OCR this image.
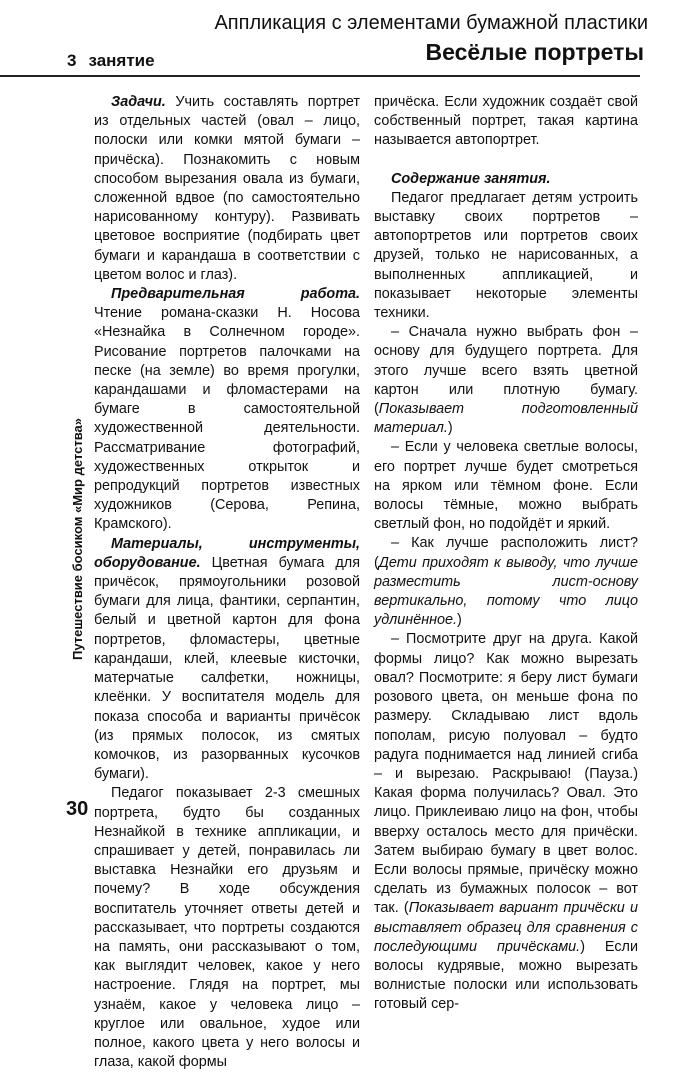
Аппликация с элементами бумажной пластики
Весёлые портреты
3 занятие
Путешествие босиком «Мир детства»
30

Задачи. Учить составлять портрет из отдельных частей (овал – лицо, полоски или комки мятой бумаги – причёска). Познакомить с новым способом вырезания овала из бумаги, сложенной вдвое (по самостоятельно нарисованному контуру). Развивать цветовое восприятие (подбирать цвет бумаги и карандаша в соответствии с цветом волос и глаз).

Предварительная работа. Чтение романа-сказки Н. Носова «Незнайка в Солнечном городе». Рисование портретов палочками на песке (на земле) во время прогулки, карандашами и фломастерами на бумаге в самостоятельной художественной деятельности. Рассматривание фотографий, художественных открыток и репродукций портретов известных художников (Серова, Репина, Крамского).

Материалы, инструменты, оборудование. Цветная бумага для причёсок, прямоугольники розовой бумаги для лица, фантики, серпантин, белый и цветной картон для фона портретов, фломастеры, цветные карандаши, клей, клеевые кисточки, матерчатые салфетки, ножницы, клеёнки. У воспитателя модель для показа способа и варианты причёсок (из прямых полосок, из смятых комочков, из разорванных кусочков бумаги).

Педагог показывает 2-3 смешных портрета, будто бы созданных Незнайкой в технике аппликации, и спрашивает у детей, понравилась ли выставка Незнайки его друзьям и почему? В ходе обсуждения воспитатель уточняет ответы детей и рассказывает, что портреты создаются на память, они рассказывают о том, как выглядит человек, какое у него настроение. Глядя на портрет, мы узнаём, какое у человека лицо – круглое или овальное, худое или полное, какого цвета у него волосы и глаза, какой формы

причёска. Если художник создаёт свой собственный портрет, такая картина называется автопортрет.

Содержание занятия.

Педагог предлагает детям устроить выставку своих портретов – автопортретов или портретов своих друзей, только не нарисованных, а выполненных аппликацией, и показывает некоторые элементы техники.

– Сначала нужно выбрать фон – основу для будущего портрета. Для этого лучше всего взять цветной картон или плотную бумагу. (Показывает подготовленный материал.)

– Если у человека светлые волосы, его портрет лучше будет смотреться на ярком или тёмном фоне. Если волосы тёмные, можно выбрать светлый фон, но подойдёт и яркий.

– Как лучше расположить лист? (Дети приходят к выводу, что лучше разместить лист-основу вертикально, потому что лицо удлинённое.)

– Посмотрите друг на друга. Какой формы лицо? Как можно вырезать овал? Посмотрите: я беру лист бумаги розового цвета, он меньше фона по размеру. Складываю лист вдоль пополам, рисую полуовал – будто радуга поднимается над линией сгиба – и вырезаю. Раскрываю! (Пауза.) Какая форма получилась? Овал. Это лицо. Приклеиваю лицо на фон, чтобы вверху осталось место для причёски. Затем выбираю бумагу в цвет волос. Если волосы прямые, причёску можно сделать из бумажных полосок – вот так. (Показывает вариант причёски и выставляет образец для сравнения с последующими причёсками.) Если волосы кудрявые, можно вырезать волнистые полоски или использовать готовый сер-
